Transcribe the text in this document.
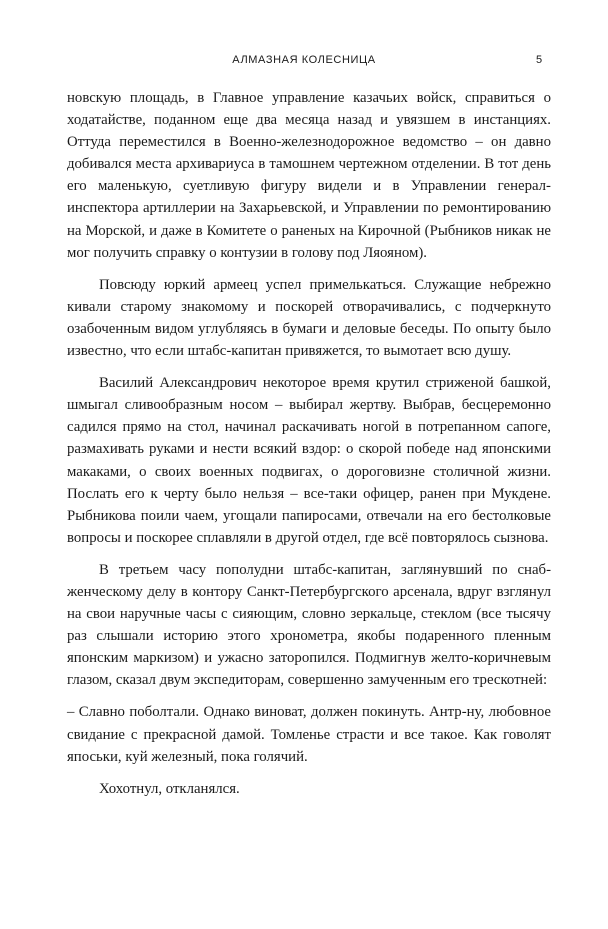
АЛМАЗНАЯ КОЛЕСНИЦА	5

новскую площадь, в Главное управление казачьих войск, справиться о ходатайстве, поданном еще два месяца назад и увязшем в инстанциях. Оттуда переместился в Военно-железнодорожное ведомство – он давно добивался места архивариуса в тамошнем чертежном отделении. В тот день его маленькую, суетливую фигуру видели и в Управлении генерал-инспектора артиллерии на Захарьевской, и Управлении по ремонтированию на Морской, и даже в Комитете о раненых на Кирочной (Рыбников никак не мог получить справку о контузии в голову под Ляояном).

Повсюду юркий армеец успел примелькаться. Служащие небрежно кивали старому знакомому и поскорей отворачивались, с подчеркнуто озабоченным видом углубляясь в бумаги и деловые беседы. По опыту было известно, что если штабс-капитан привяжется, то вымотает всю душу.

Василий Александрович некоторое время крутил стриженой башкой, шмыгал сливообразным носом – выбирал жертву. Выбрав, бесцеремонно садился прямо на стол, начинал раскачивать ногой в потрепанном сапоге, размахивать руками и нести всякий вздор: о скорой победе над японскими макаками, о своих военных подвигах, о дороговизне столичной жизни. Послать его к черту было нельзя – все-таки офицер, ранен при Мукдене. Рыбникова поили чаем, угощали папиросами, отвечали на его бестолковые вопросы и поскорее сплавляли в другой отдел, где всё повторялось сызнова.

В третьем часу пополудни штабс-капитан, заглянувший по снабженческому делу в контору Санкт-Петербургского арсенала, вдруг взглянул на свои наручные часы с сияющим, словно зеркальце, стеклом (все тысячу раз слышали историю этого хронометра, якобы подаренного пленным японским маркизом) и ужасно заторопился. Подмигнув желто-коричневым глазом, сказал двум экспедиторам, совершенно замученным его трескотней:

– Славно поболтали. Однако виноват, должен покинуть. Антр-ну, любовное свидание с прекрасной дамой. Томленье страсти и все такое. Как говолят япоськи, куй железный, пока голячий.

Хохотнул, откланялся.
